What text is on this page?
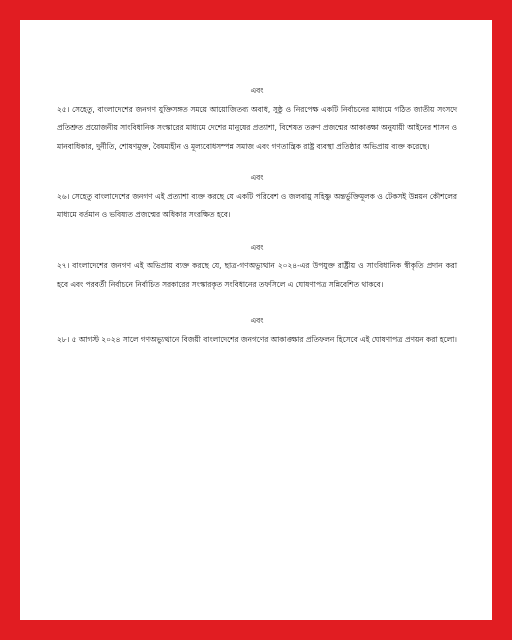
এবং

২৫। সেহেতু, বাংলাদেশের জনগণ যুক্তিসঙ্গত সময়ে আয়োজিতব্য অবাধ, সুষ্ঠু ও নিরপেক্ষ একটি নির্বাচনের মাধ্যমে গঠিত জাতীয় সংসদে প্রতিশ্রুত প্রয়োজনীয় সাংবিধানিক সংস্কারের মাধ্যমে দেশের মানুষের প্রত্যাশা, বিশেষত তরুণ প্রজন্মের আকাঙ্ক্ষা অনুযায়ী আইনের শাসন ও মানবাধিকার, দুর্নীতি, শোষণমুক্ত, বৈষম্যহীন ও মূল্যবোধসম্পন্ন সমাজ এবং গণতান্ত্রিক রাষ্ট্র ব্যবস্থা প্রতিষ্ঠার অভিপ্রায় ব্যক্ত করেছে।

এবং

২৬। সেহেতু বাংলাদেশের জনগণ এই প্রত্যাশা ব্যক্ত করছে যে একটি পরিবেশ ও জলবায়ু সহিষ্ণু অন্তর্ভুক্তিমূলক ও টেকসই উন্নয়ন কৌশলের মাধ্যমে বর্তমান ও ভবিষ্যত প্রজন্মের অধিকার সংরক্ষিত হবে।

এবং

২৭। বাংলাদেশের জনগণ এই অভিপ্রায় ব্যক্ত করছে যে, ছাত্র-গণঅভ্যুত্থান ২০২৪-এর উপযুক্ত রাষ্ট্রীয় ও সাংবিধানিক স্বীকৃতি প্রদান করা হবে এবং পরবর্তী নির্বাচনে নির্বাচিত সরকারের সংস্কারকৃত সংবিধানের তফসিলে এ ঘোষণাপত্র সন্নিবেশিত থাকবে।

এবং

২৮। ৫ আগস্ট ২০২৪ সালে গণঅভ্যুত্থানে বিজয়ী বাংলাদেশের জনগণের আকাঙ্ক্ষার প্রতিফলন হিসেবে এই ঘোষণাপত্র প্রণয়ন করা হলো।
